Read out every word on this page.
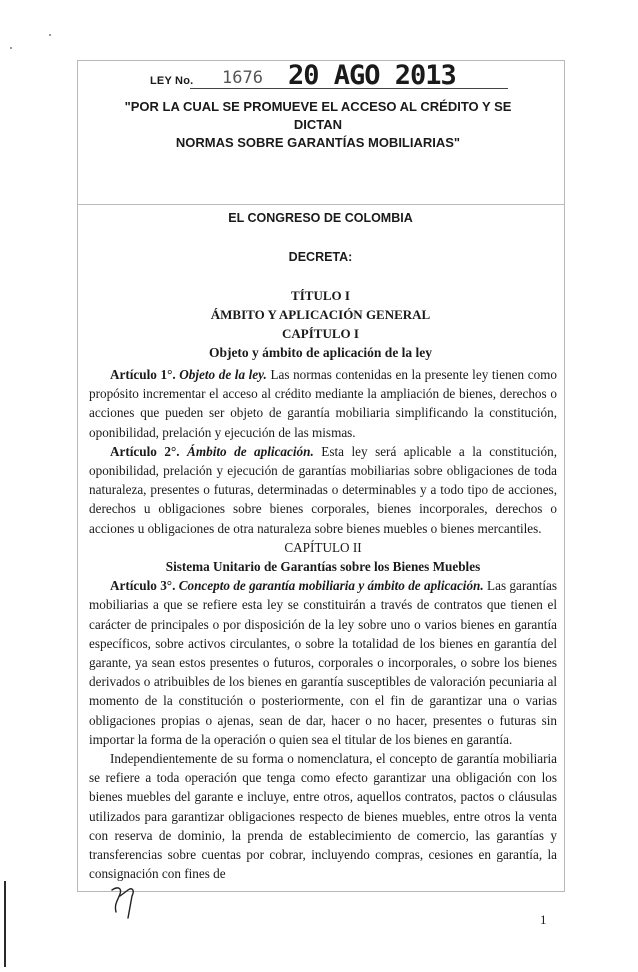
LEY No. 1676 20 AGO 2013
"POR LA CUAL SE PROMUEVE EL ACCESO AL CRÉDITO Y SE DICTAN
NORMAS SOBRE GARANTÍAS MOBILIARIAS"
EL CONGRESO DE COLOMBIA
DECRETA:
TÍTULO I
ÁMBITO Y APLICACIÓN GENERAL
CAPÍTULO I
Objeto y ámbito de aplicación de la ley

Artículo 1°. Objeto de la ley. Las normas contenidas en la presente ley tienen como propósito incrementar el acceso al crédito mediante la ampliación de bienes, derechos o acciones que pueden ser objeto de garantía mobiliaria simplificando la constitución, oponibilidad, prelación y ejecución de las mismas.

Artículo 2°. Ámbito de aplicación. Esta ley será aplicable a la constitución, oponibilidad, prelación y ejecución de garantías mobiliarias sobre obligaciones de toda naturaleza, presentes o futuras, determinadas o determinables y a todo tipo de acciones, derechos u obligaciones sobre bienes corporales, bienes incorporales, derechos o acciones u obligaciones de otra naturaleza sobre bienes muebles o bienes mercantiles.

CAPÍTULO II

Sistema Unitario de Garantías sobre los Bienes Muebles

Artículo 3°. Concepto de garantía mobiliaria y ámbito de aplicación. Las garantías mobiliarias a que se refiere esta ley se constituirán a través de contratos que tienen el carácter de principales o por disposición de la ley sobre uno o varios bienes en garantía específicos, sobre activos circulantes, o sobre la totalidad de los bienes en garantía del garante, ya sean estos presentes o futuros, corporales o incorporales, o sobre los bienes derivados o atribuibles de los bienes en garantía susceptibles de valoración pecuniaria al momento de la constitución o posteriormente, con el fin de garantizar una o varias obligaciones propias o ajenas, sean de dar, hacer o no hacer, presentes o futuras sin importar la forma de la operación o quien sea el titular de los bienes en garantía.

Independientemente de su forma o nomenclatura, el concepto de garantía mobiliaria se refiere a toda operación que tenga como efecto garantizar una obligación con los bienes muebles del garante e incluye, entre otros, aquellos contratos, pactos o cláusulas utilizados para garantizar obligaciones respecto de bienes muebles, entre otros la venta con reserva de dominio, la prenda de establecimiento de comercio, las garantías y transferencias sobre cuentas por cobrar, incluyendo compras, cesiones en garantía, la consignación con fines de

1
